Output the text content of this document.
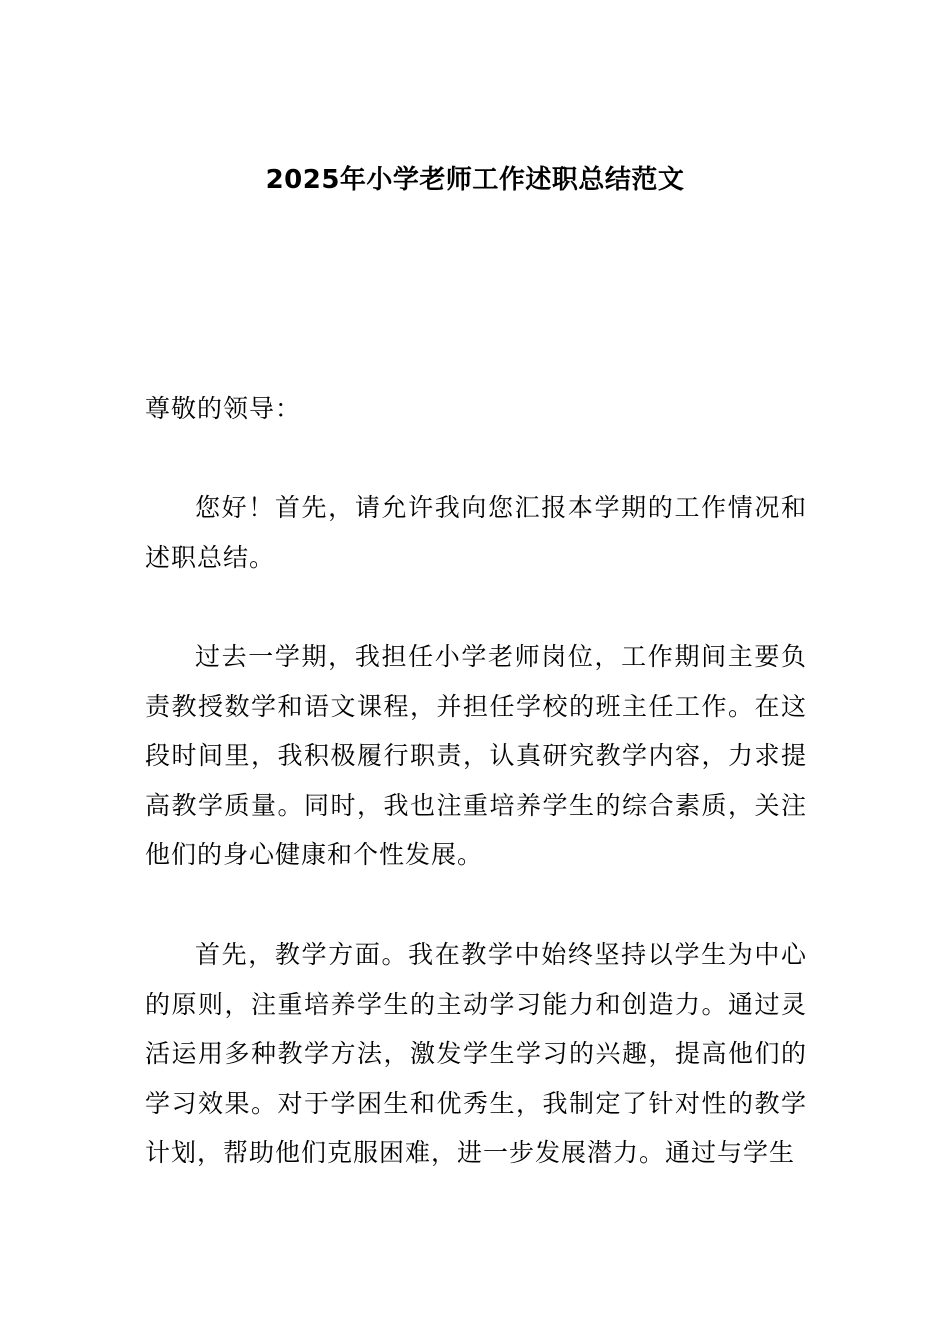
2025年小学老师工作述职总结范文
尊敬的领导：

您好！首先，请允许我向您汇报本学期的工作情况和述职总结。

过去一学期，我担任小学老师岗位，工作期间主要负责教授数学和语文课程，并担任学校的班主任工作。在这段时间里，我积极履行职责，认真研究教学内容，力求提高教学质量。同时，我也注重培养学生的综合素质，关注他们的身心健康和个性发展。

首先，教学方面。我在教学中始终坚持以学生为中心的原则，注重培养学生的主动学习能力和创造力。通过灵活运用多种教学方法，激发学生学习的兴趣，提高他们的学习效果。对于学困生和优秀生，我制定了针对性的教学计划，帮助他们克服困难，进一步发展潜力。通过与学生
